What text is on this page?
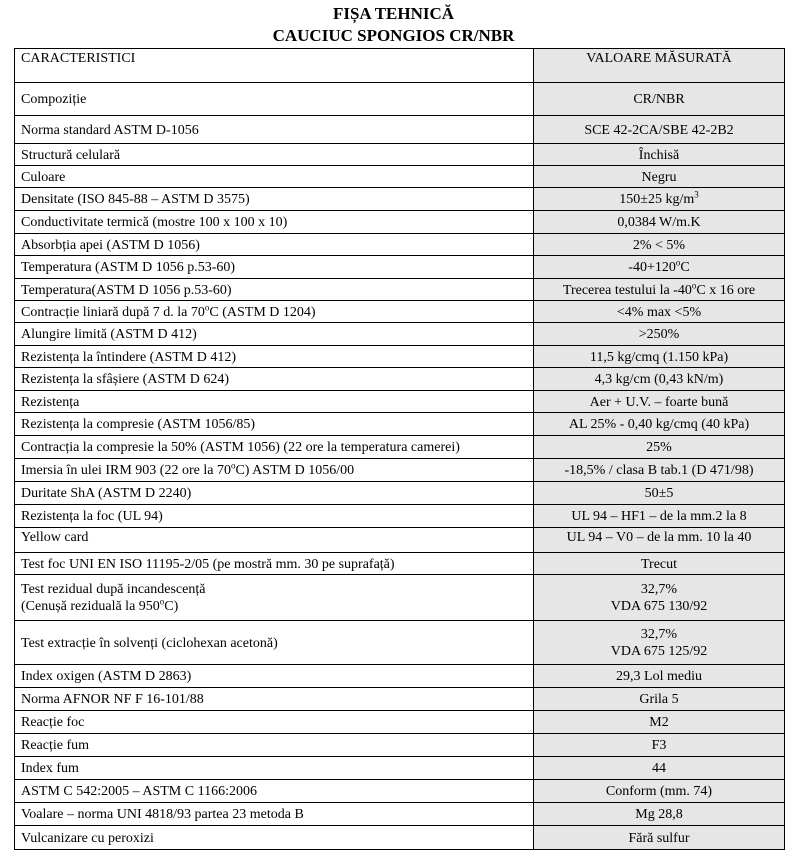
FIȘA TEHNICĂ
CAUCIUC SPONGIOS CR/NBR
CARACTERISTICI	VALOARE MĂSURATĂ
Compoziție	CR/NBR
Norma standard ASTM D-1056	SCE 42-2CA/SBE 42-2B2
Structură celulară	Închisă
Culoare	Negru
Densitate (ISO 845-88 – ASTM D 3575)	150±25 $kg/m^3$
Conductivitate termică (mostre 100 x 100 x 10)	0,0384 W/m.K
Absorbția apei (ASTM D 1056)	2% < 5%
Temperatura (ASTM D 1056 p.53-60)	$-40+120^oC$
Temperatura(ASTM D 1056 p.53-60)	Trecerea testului la -40$^o$C x 16 ore
Contracție liniară după 7 d. la 70$^o$C (ASTM D 1204)	<4% max <5%
Alungire limită (ASTM D 412)	>250%
Rezistența la întindere (ASTM D 412)	11,5 kg/cmq (1.150 kPa)
Rezistența la sfâșiere (ASTM D 624)	4,3 kg/cm (0,43 kN/m)
Rezistența	Aer + U.V. – foarte bună
Rezistența la compresie (ASTM 1056/85)	AL 25% - 0,40 kg/cmq (40 kPa)
Contracția la compresie la 50% (ASTM 1056) (22 ore la temperatura camerei)	25%
Imersia în ulei IRM 903 (22 ore la 70$^o$C) ASTM D 1056/00	-18,5% / clasa B tab.1 (D 471/98)
Duritate ShA (ASTM D 2240)	50±5
Rezistența la foc (UL 94)	UL 94 – HF1 – de la mm.2 la 8
Yellow card	UL 94 – V0 – de la mm. 10 la 40
Test foc UNI EN ISO 11195-2/05 (pe mostră mm. 30 pe suprafață)	Trecut

Test rezidual după incandescență
(Cenușă reziduală la 950$^o$C)	32,7%
VDA 675 130/92

Test extracție în solvenți (ciclohexan acetonă)	32,7%
VDA 675 125/92

Index oxigen (ASTM D 2863)	29,3 Lol mediu
Norma AFNOR NF F 16-101/88	Grila 5
Reacție foc	M2
Reacție fum	F3
Index fum	44
ASTM C 542:2005 – ASTM C 1166:2006	Conform (mm. 74)
Voalare – norma UNI 4818/93 partea 23 metoda B	Mg 28,8
Vulcanizare cu peroxizi	Fără sulfur
